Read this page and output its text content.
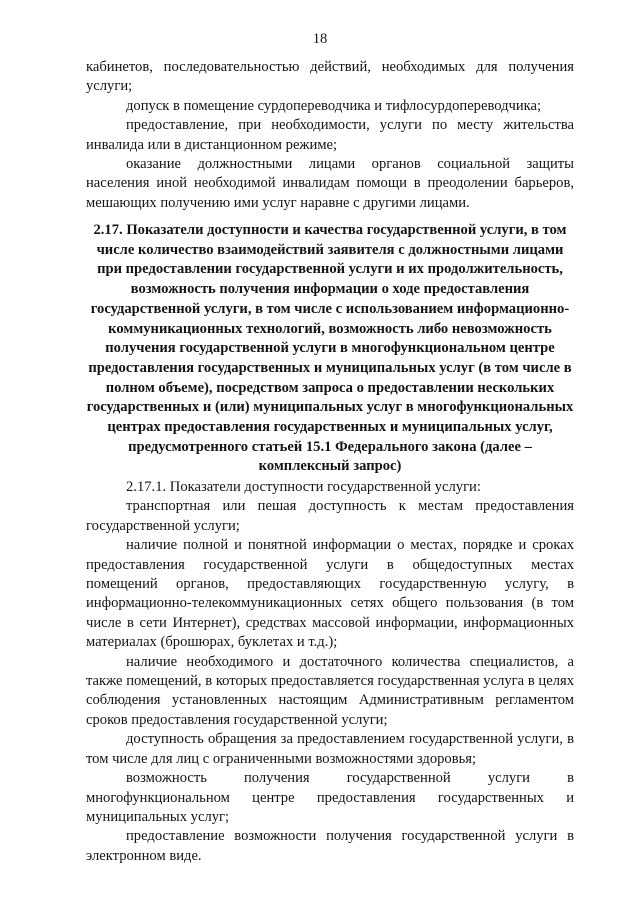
18

кабинетов, последовательностью действий, необходимых для получения услуги;

допуск в помещение сурдопереводчика и тифлосурдопереводчика;

предоставление, при необходимости, услуги по месту жительства инвалида или в дистанционном режиме;

оказание должностными лицами органов социальной защиты населения иной необходимой инвалидам помощи в преодолении барьеров, мешающих получению ими услуг наравне с другими лицами.

2.17. Показатели доступности и качества государственной услуги, в том числе количество взаимодействий заявителя с должностными лицами при предоставлении государственной услуги и их продолжительность, возможность получения информации о ходе предоставления государственной услуги, в том числе с использованием информационно-коммуникационных технологий, возможность либо невозможность получения государственной услуги в многофункциональном центре предоставления государственных и муниципальных услуг (в том числе в полном объеме), посредством запроса о предоставлении нескольких государственных и (или) муниципальных услуг в многофункциональных центрах предоставления государственных и муниципальных услуг, предусмотренного статьей 15.1 Федерального закона (далее – комплексный запрос)

2.17.1. Показатели доступности государственной услуги:

транспортная или пешая доступность к местам предоставления государственной услуги;

наличие полной и понятной информации о местах, порядке и сроках предоставления государственной услуги в общедоступных местах помещений органов, предоставляющих государственную услугу, в информационно-телекоммуникационных сетях общего пользования (в том числе в сети Интернет), средствах массовой информации, информационных материалах (брошюрах, буклетах и т.д.);

наличие необходимого и достаточного количества специалистов, а также помещений, в которых предоставляется государственная услуга в целях соблюдения установленных настоящим Административным регламентом сроков предоставления государственной услуги;

доступность обращения за предоставлением государственной услуги, в том числе для лиц с ограниченными возможностями здоровья;

возможность получения государственной услуги в многофункциональном центре предоставления государственных и муниципальных услуг;

предоставление возможности получения государственной услуги в электронном виде.
